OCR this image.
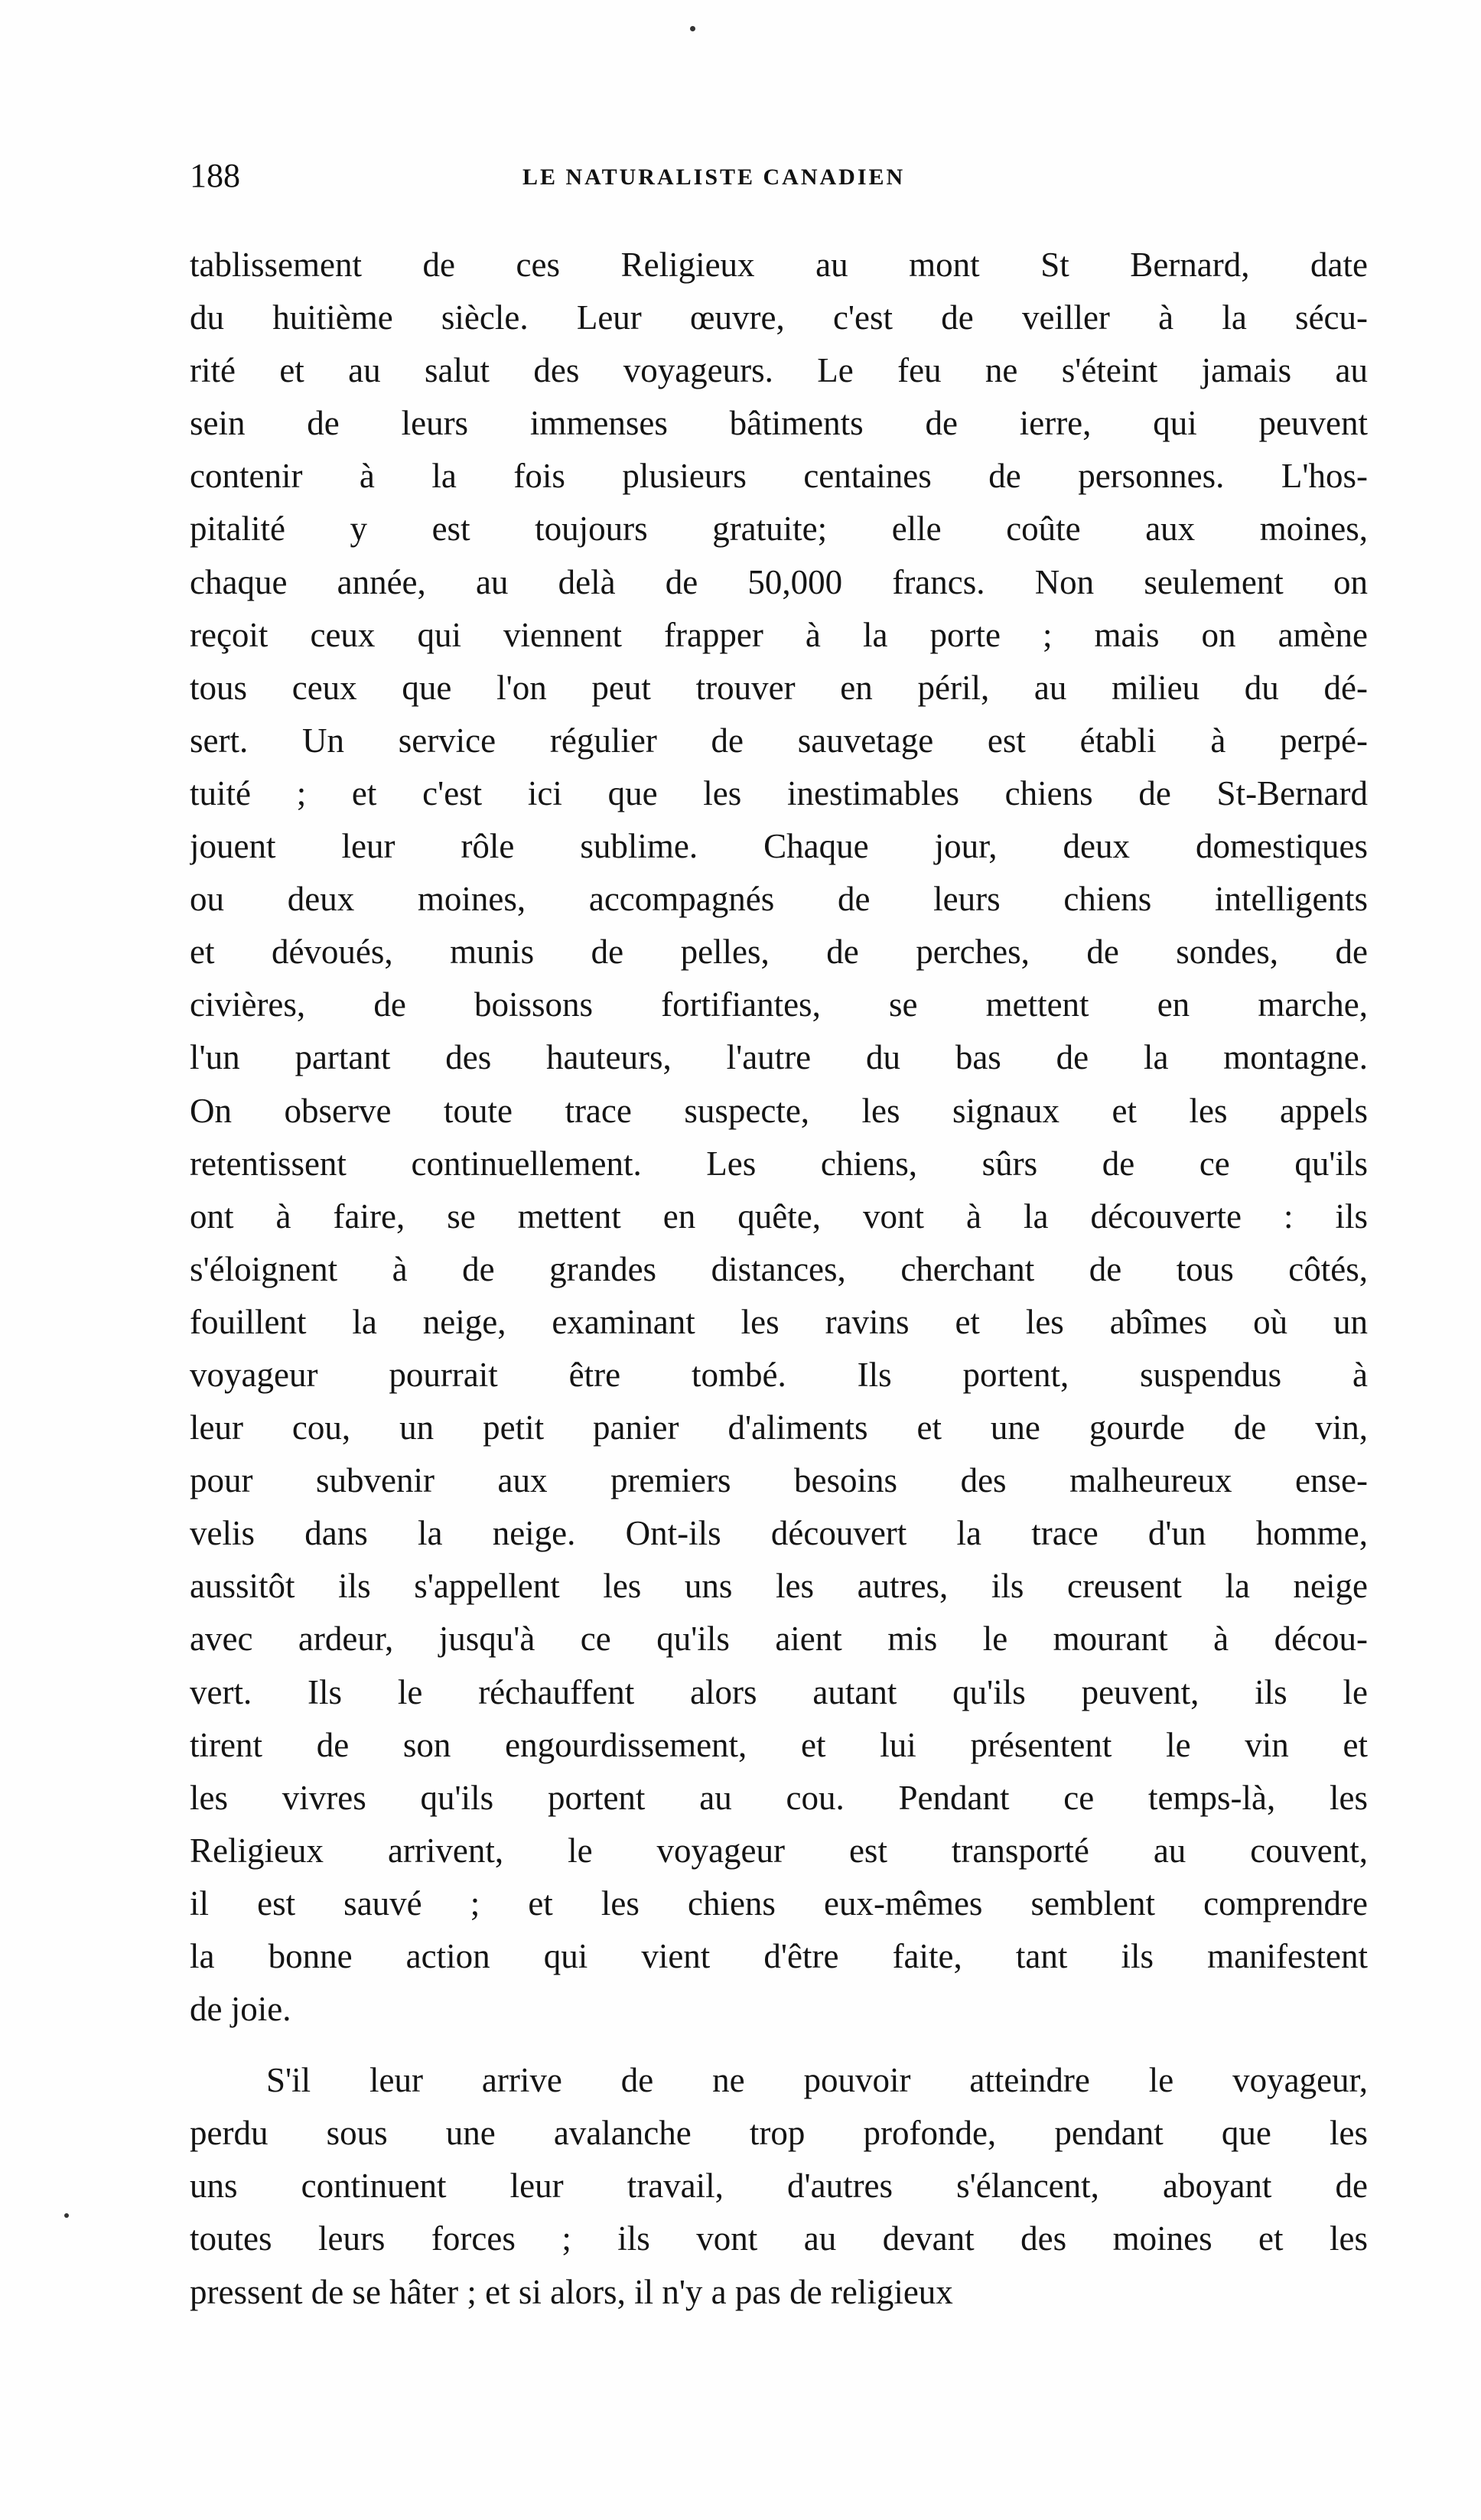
188	LE NATURALISTE CANADIEN
tablissement de ces Religieux au mont St Bernard, date
du huitième siècle. Leur œuvre, c'est de veiller à la sécu-
rité et au salut des voyageurs. Le feu ne s'éteint jamais au
sein de leurs immenses bâtiments de ierre, qui peuvent
contenir à la fois plusieurs centaines de personnes. L'hos-
pitalité y est toujours gratuite; elle coûte aux moines,
chaque année, au delà de 50,000 francs. Non seulement on
reçoit ceux qui viennent frapper à la porte ; mais on amène
tous ceux que l'on peut trouver en péril, au milieu du dé-
sert. Un service régulier de sauvetage est établi à perpé-
tuité ; et c'est ici que les inestimables chiens de St-Bernard
jouent leur rôle sublime. Chaque jour, deux domestiques
ou deux moines, accompagnés de leurs chiens intelligents
et dévoués, munis de pelles, de perches, de sondes, de
civières, de boissons fortifiantes, se mettent en marche,
l'un partant des hauteurs, l'autre du bas de la montagne.
On observe toute trace suspecte, les signaux et les appels
retentissent continuellement. Les chiens, sûrs de ce qu'ils
ont à faire, se mettent en quête, vont à la découverte : ils
s'éloignent à de grandes distances, cherchant de tous côtés,
fouillent la neige, examinant les ravins et les abîmes où un
voyageur pourrait être tombé. Ils portent, suspendus à
leur cou, un petit panier d'aliments et une gourde de vin,
pour subvenir aux premiers besoins des malheureux ense-
velis dans la neige. Ont-ils découvert la trace d'un homme,
aussitôt ils s'appellent les uns les autres, ils creusent la neige
avec ardeur, jusqu'à ce qu'ils aient mis le mourant à décou-
vert. Ils le réchauffent alors autant qu'ils peuvent, ils le
tirent de son engourdissement, et lui présentent le vin et
les vivres qu'ils portent au cou. Pendant ce temps-là, les
Religieux arrivent, le voyageur est transporté au couvent,
il est sauvé ; et les chiens eux-mêmes semblent comprendre
la bonne action qui vient d'être faite, tant ils manifestent
de joie.
S'il leur arrive de ne pouvoir atteindre le voyageur,
perdu sous une avalanche trop profonde, pendant que les
uns continuent leur travail, d'autres s'élancent, aboyant de
toutes leurs forces ; ils vont au devant des moines et les
pressent de se hâter ; et si alors, il n'y a pas de religieux
